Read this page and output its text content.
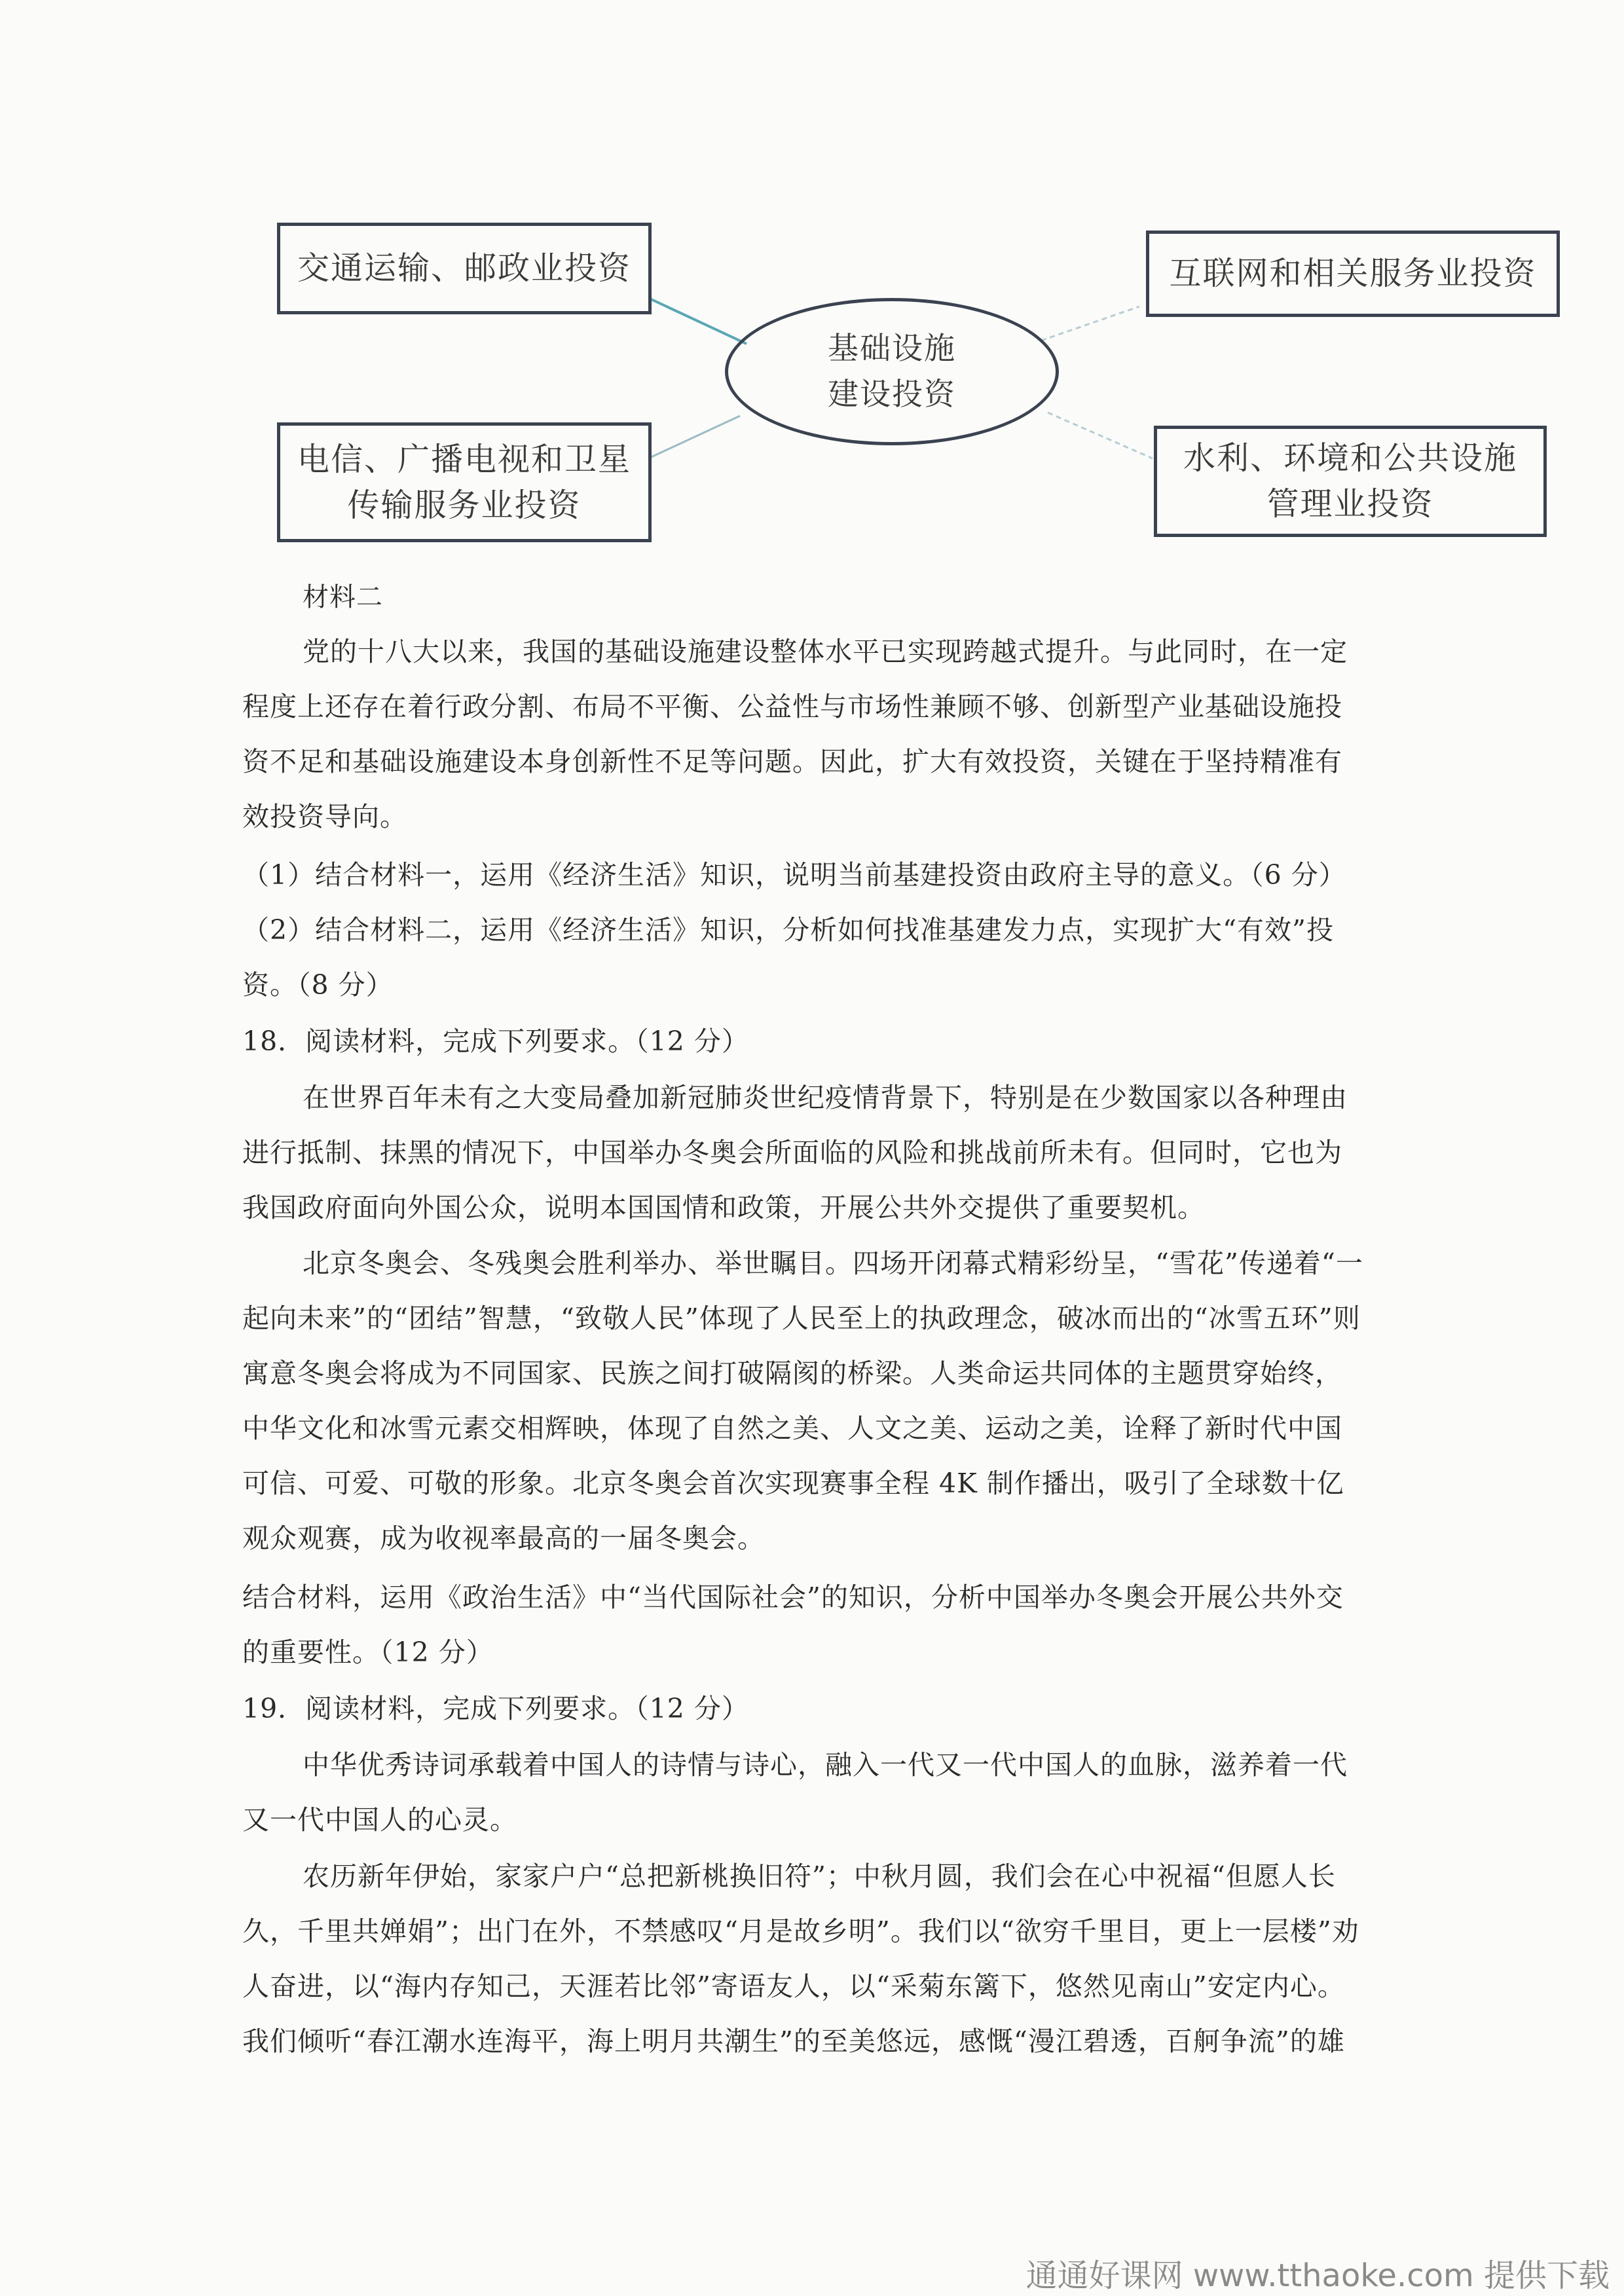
交通运输、邮政业投资
电信、广播电视和卫星
传输服务业投资
基础设施
建设投资
互联网和相关服务业投资
水利、环境和公共设施
管理业投资
材料二
党的十八大以来，我国的基础设施建设整体水平已实现跨越式提升。与此同时，在一定
程度上还存在着行政分割、布局不平衡、公益性与市场性兼顾不够、创新型产业基础设施投
资不足和基础设施建设本身创新性不足等问题。因此，扩大有效投资，关键在于坚持精准有
效投资导向。
（1）结合材料一，运用《经济生活》知识，说明当前基建投资由政府主导的意义。（6 分）
（2）结合材料二，运用《经济生活》知识，分析如何找准基建发力点，实现扩大“有效”投
资。（8 分）
18．阅读材料，完成下列要求。（12 分）
在世界百年未有之大变局叠加新冠肺炎世纪疫情背景下，特别是在少数国家以各种理由
进行抵制、抹黑的情况下，中国举办冬奥会所面临的风险和挑战前所未有。但同时，它也为
我国政府面向外国公众，说明本国国情和政策，开展公共外交提供了重要契机。
北京冬奥会、冬残奥会胜利举办、举世瞩目。四场开闭幕式精彩纷呈，“雪花”传递着“一
起向未来”的“团结”智慧，“致敬人民”体现了人民至上的执政理念，破冰而出的“冰雪五环”则
寓意冬奥会将成为不同国家、民族之间打破隔阂的桥梁。人类命运共同体的主题贯穿始终，
中华文化和冰雪元素交相辉映，体现了自然之美、人文之美、运动之美，诠释了新时代中国
可信、可爱、可敬的形象。北京冬奥会首次实现赛事全程 4K 制作播出，吸引了全球数十亿
观众观赛，成为收视率最高的一届冬奥会。
结合材料，运用《政治生活》中“当代国际社会”的知识，分析中国举办冬奥会开展公共外交
的重要性。（12 分）
19．阅读材料，完成下列要求。（12 分）
中华优秀诗词承载着中国人的诗情与诗心，融入一代又一代中国人的血脉，滋养着一代
又一代中国人的心灵。
农历新年伊始，家家户户“总把新桃换旧符”；中秋月圆，我们会在心中祝福“但愿人长
久，千里共婵娟”；出门在外，不禁感叹“月是故乡明”。我们以“欲穷千里目，更上一层楼”劝
人奋进，以“海内存知己，天涯若比邻”寄语友人，以“采菊东篱下，悠然见南山”安定内心。
我们倾听“春江潮水连海平，海上明月共潮生”的至美悠远，感慨“漫江碧透，百舸争流”的雄
通通好课网 www.tthaoke.com 提供下载
